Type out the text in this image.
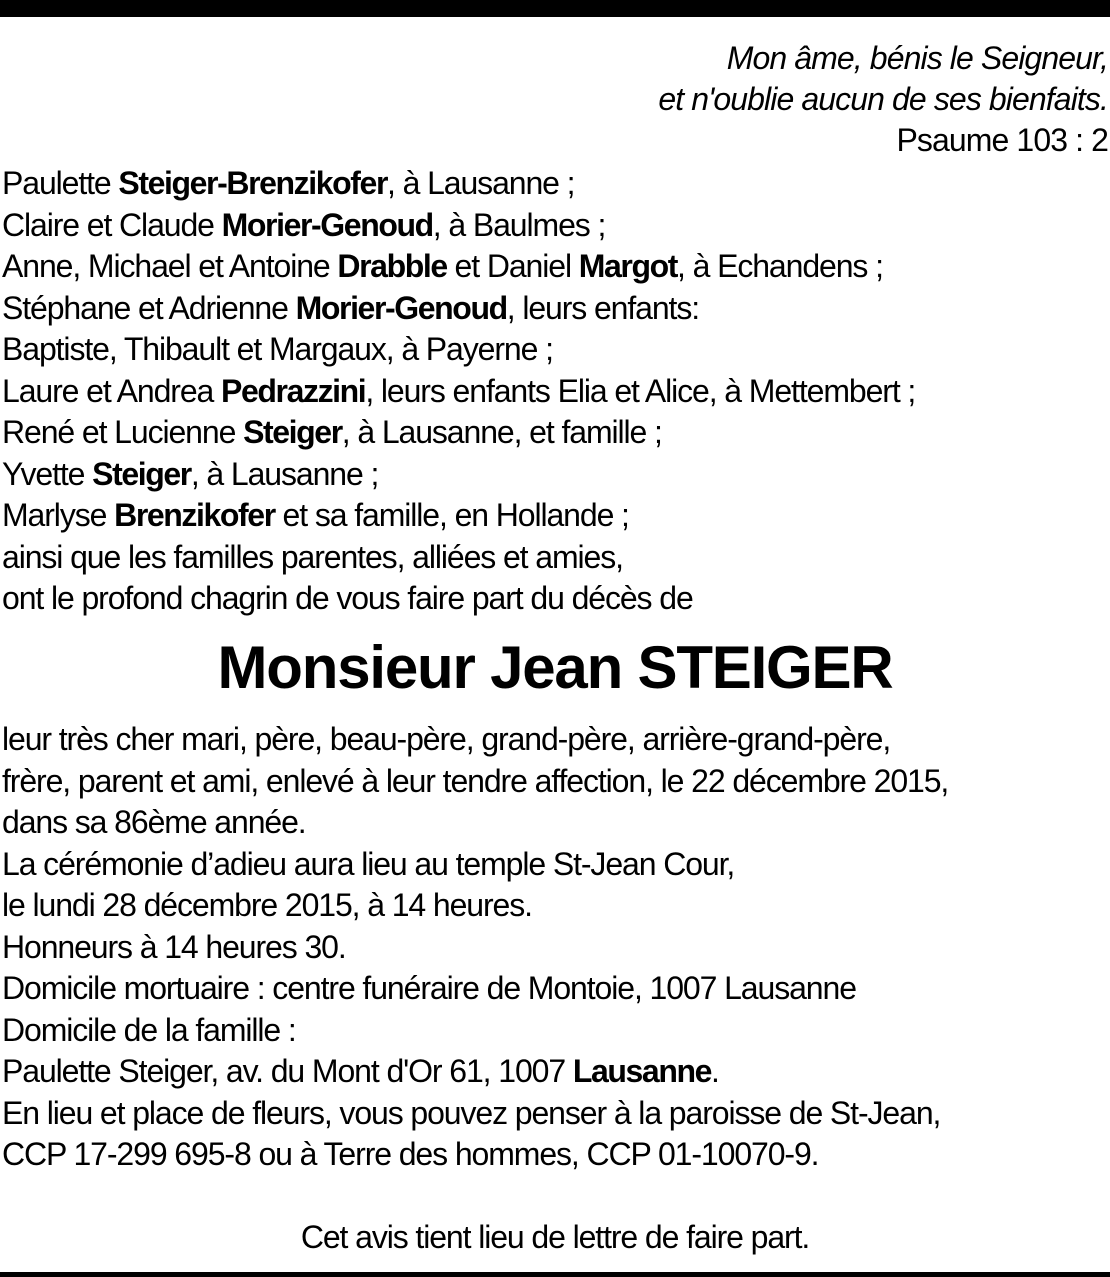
Mon âme, bénis le Seigneur,
et n'oublie aucun de ses bienfaits.
Psaume 103 : 2
Paulette Steiger-Brenzikofer, à Lausanne ;
Claire et Claude Morier-Genoud, à Baulmes ;
Anne, Michael et Antoine Drabble et Daniel Margot, à Echandens ;
Stéphane et Adrienne Morier-Genoud, leurs enfants:
Baptiste, Thibault et Margaux, à Payerne ;
Laure et Andrea Pedrazzini, leurs enfants Elia et Alice, à Mettembert ;
René et Lucienne Steiger, à Lausanne, et famille ;
Yvette Steiger, à Lausanne ;
Marlyse Brenzikofer et sa famille, en Hollande ;
ainsi que les familles parentes, alliées et amies,
ont le profond chagrin de vous faire part du décès de
Monsieur Jean STEIGER
leur très cher mari, père, beau-père, grand-père, arrière-grand-père,
frère, parent et ami, enlevé à leur tendre affection, le 22 décembre 2015,
dans sa 86ème année.
La cérémonie d’adieu aura lieu au temple St-Jean Cour,
le lundi 28 décembre 2015, à 14 heures.
Honneurs à 14 heures 30.
Domicile mortuaire : centre funéraire de Montoie, 1007 Lausanne
Domicile de la famille :
Paulette Steiger, av. du Mont d'Or 61, 1007 Lausanne.
En lieu et place de fleurs, vous pouvez penser à la paroisse de St-Jean,
CCP 17-299 695-8 ou à Terre des hommes, CCP 01-10070-9.
Cet avis tient lieu de lettre de faire part.
